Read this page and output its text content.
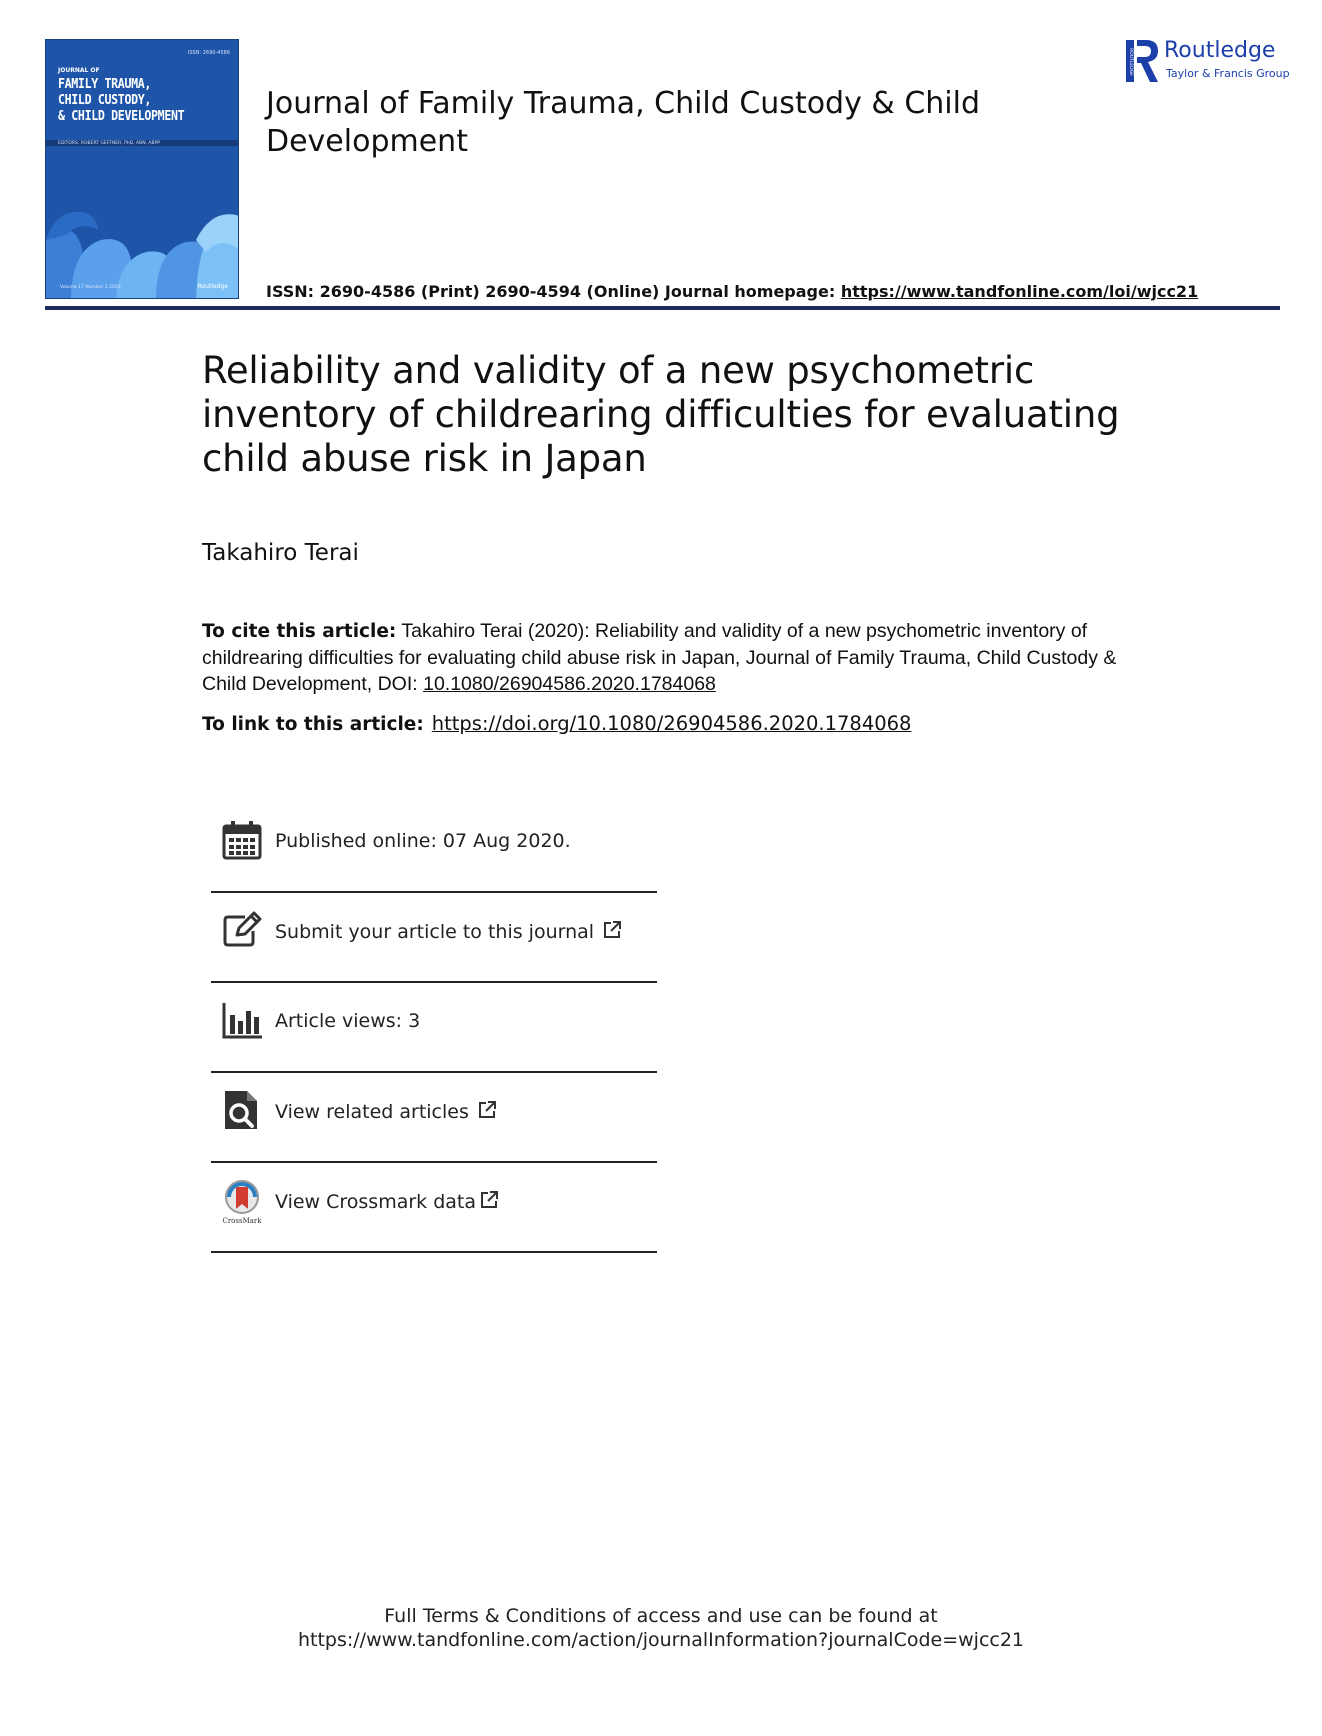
ISSN: 2690-4586
JOURNAL OF
FAMILY TRAUMA,
CHILD CUSTODY,
& CHILD DEVELOPMENT
EDITORS: ROBERT GEFFNER, PhD, ABN, ABPP
Volume 17 Number 1 2020	Routledge
Journal of Family Trauma, Child Custody & Child Development
ISSN: 2690-4586 (Print) 2690-4594 (Online) Journal homepage: https://www.tandfonline.com/loi/wjcc21
ROUTLEDGE Routledge
Taylor & Francis Group
Reliability and validity of a new psychometric inventory of childrearing difficulties for evaluating child abuse risk in Japan
Takahiro Terai
To cite this article: Takahiro Terai (2020): Reliability and validity of a new psychometric inventory of childrearing difficulties for evaluating child abuse risk in Japan, Journal of Family Trauma, Child Custody & Child Development, DOI: 10.1080/26904586.2020.1784068
To link to this article: https://doi.org/10.1080/26904586.2020.1784068
Published online: 07 Aug 2020.
Submit your article to this journal
Article views: 3
View related articles
CrossMark
View Crossmark data
Full Terms & Conditions of access and use can be found at
https://www.tandfonline.com/action/journalInformation?journalCode=wjcc21
